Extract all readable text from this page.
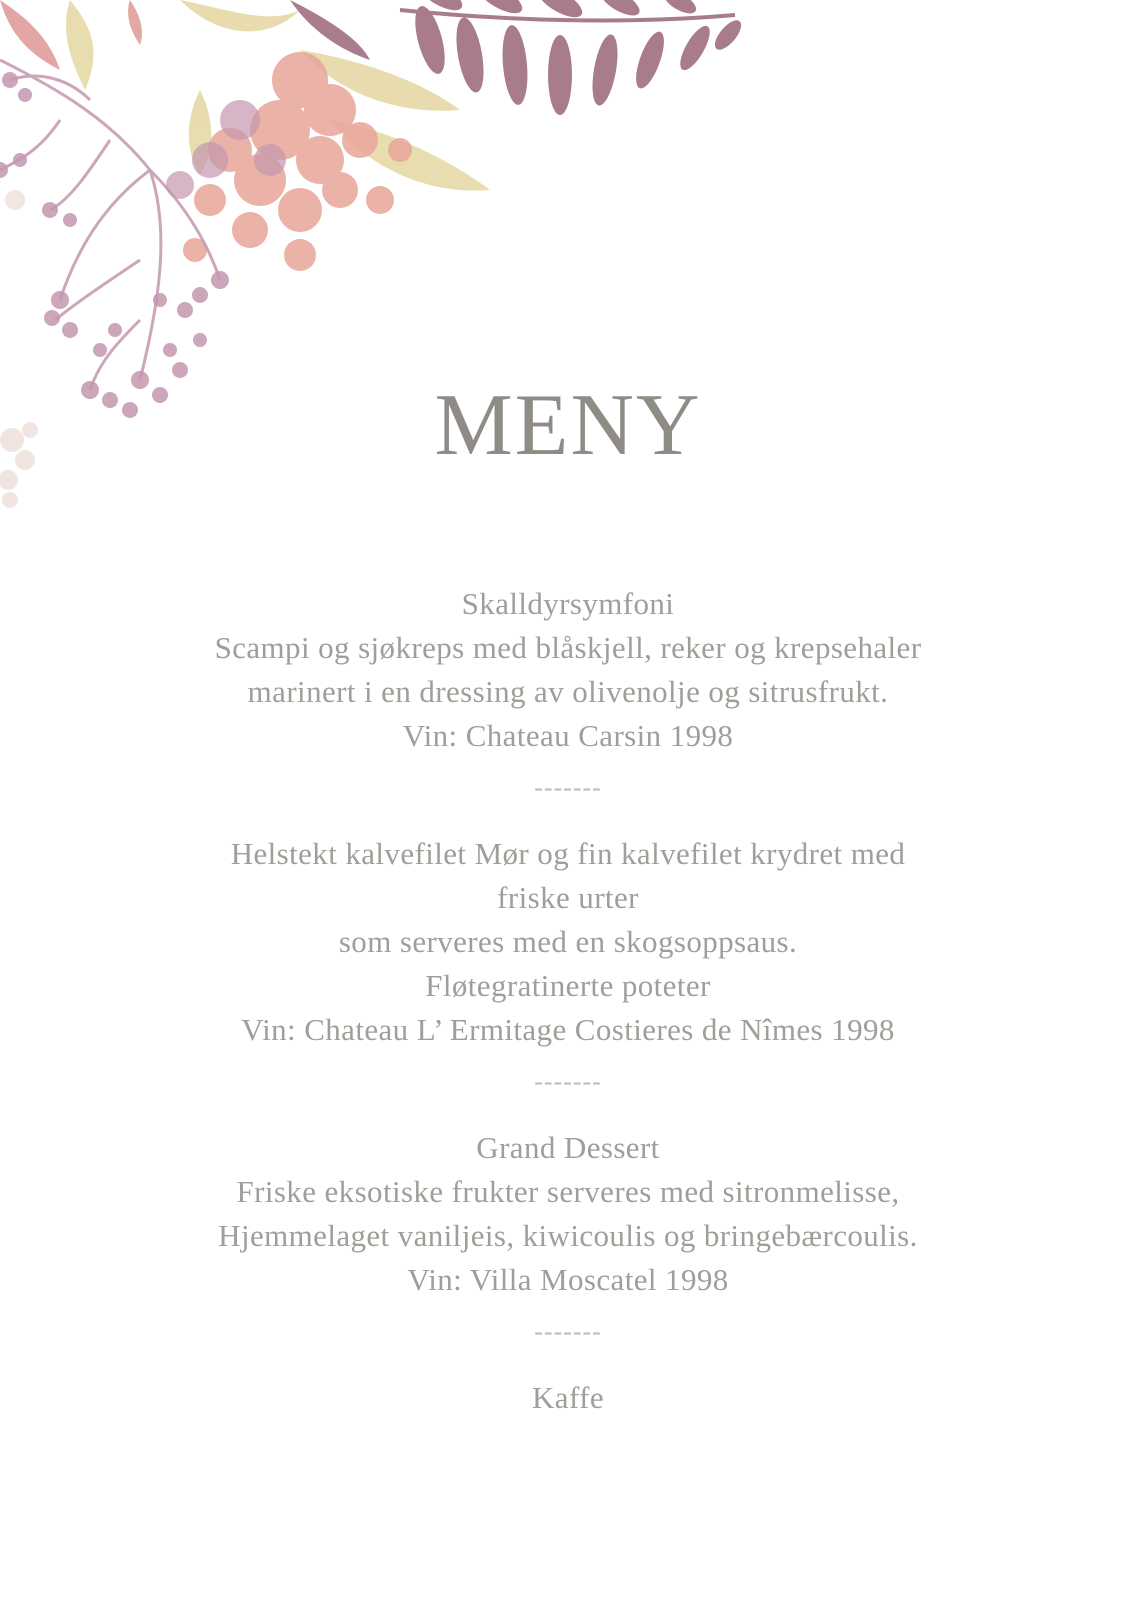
MENY

Skalldyrsymfoni

Scampi og sjøkreps med blåskjell, reker og krepsehaler

marinert i en dressing av olivenolje og sitrusfrukt.

Vin: Chateau Carsin 1998

-------

Helstekt kalvefilet Mør og fin kalvefilet krydret med

friske urter

som serveres med en skogsoppsaus.

Fløtegratinerte poteter

Vin: Chateau L’ Ermitage Costieres de Nîmes 1998

-------

Grand Dessert

Friske eksotiske frukter serveres med sitronmelisse,

Hjemmelaget vaniljeis, kiwicoulis og bringebærcoulis.

Vin: Villa Moscatel 1998

-------

Kaffe
